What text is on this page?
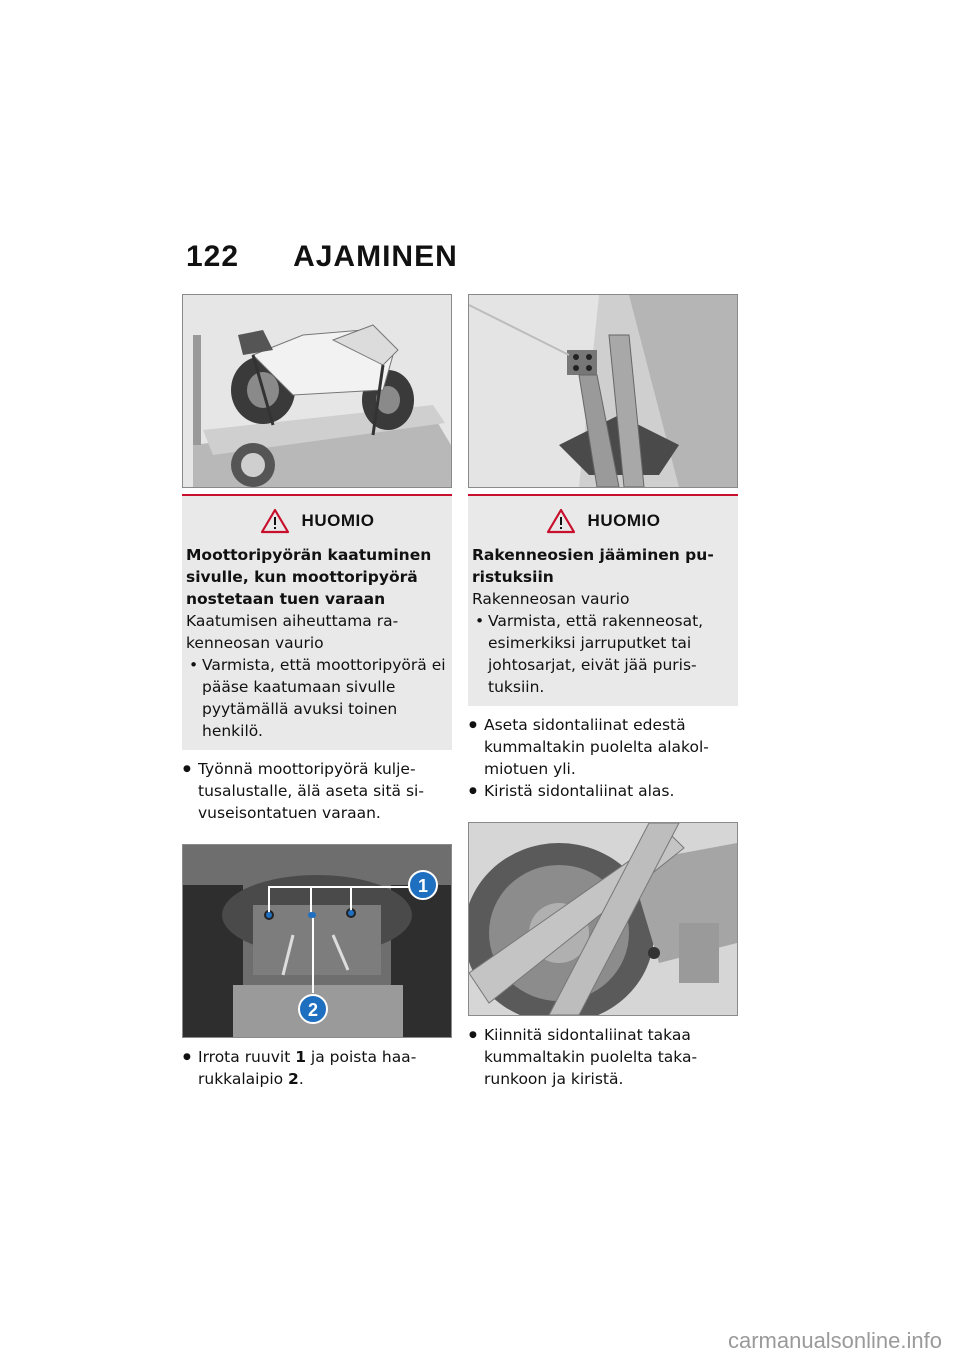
122 AJAMINEN
HUOMIO
Moottoripyörän kaatuminen sivulle, kun moottoripyörä nostetaan tuen varaan
Kaatumisen aiheuttama rakenneosan vaurio
• Varmista, että moottoripyörä ei pääse kaatumaan sivulle pyytämällä avuksi toinen henkilö.
● Työnnä moottoripyörä kuljetusalustalle, älä aseta sitä sivuseisontatuen varaan.
1
2
● Irrota ruuvit 1 ja poista haarukkalaipio 2.
HUOMIO
Rakenneosien jääminen puristuksiin
Rakenneosan vaurio
• Varmista, että rakenneosat, esimerkiksi jarruputket tai johtosarjat, eivät jää puristuksiin.
● Aseta sidontaliinat edestä kummaltakin puolelta alakolmiotuen yli.
● Kiristä sidontaliinat alas.
● Kiinnitä sidontaliinat takaa kummaltakin puolelta takarunkoon ja kiristä.
carmanualsonline.info
